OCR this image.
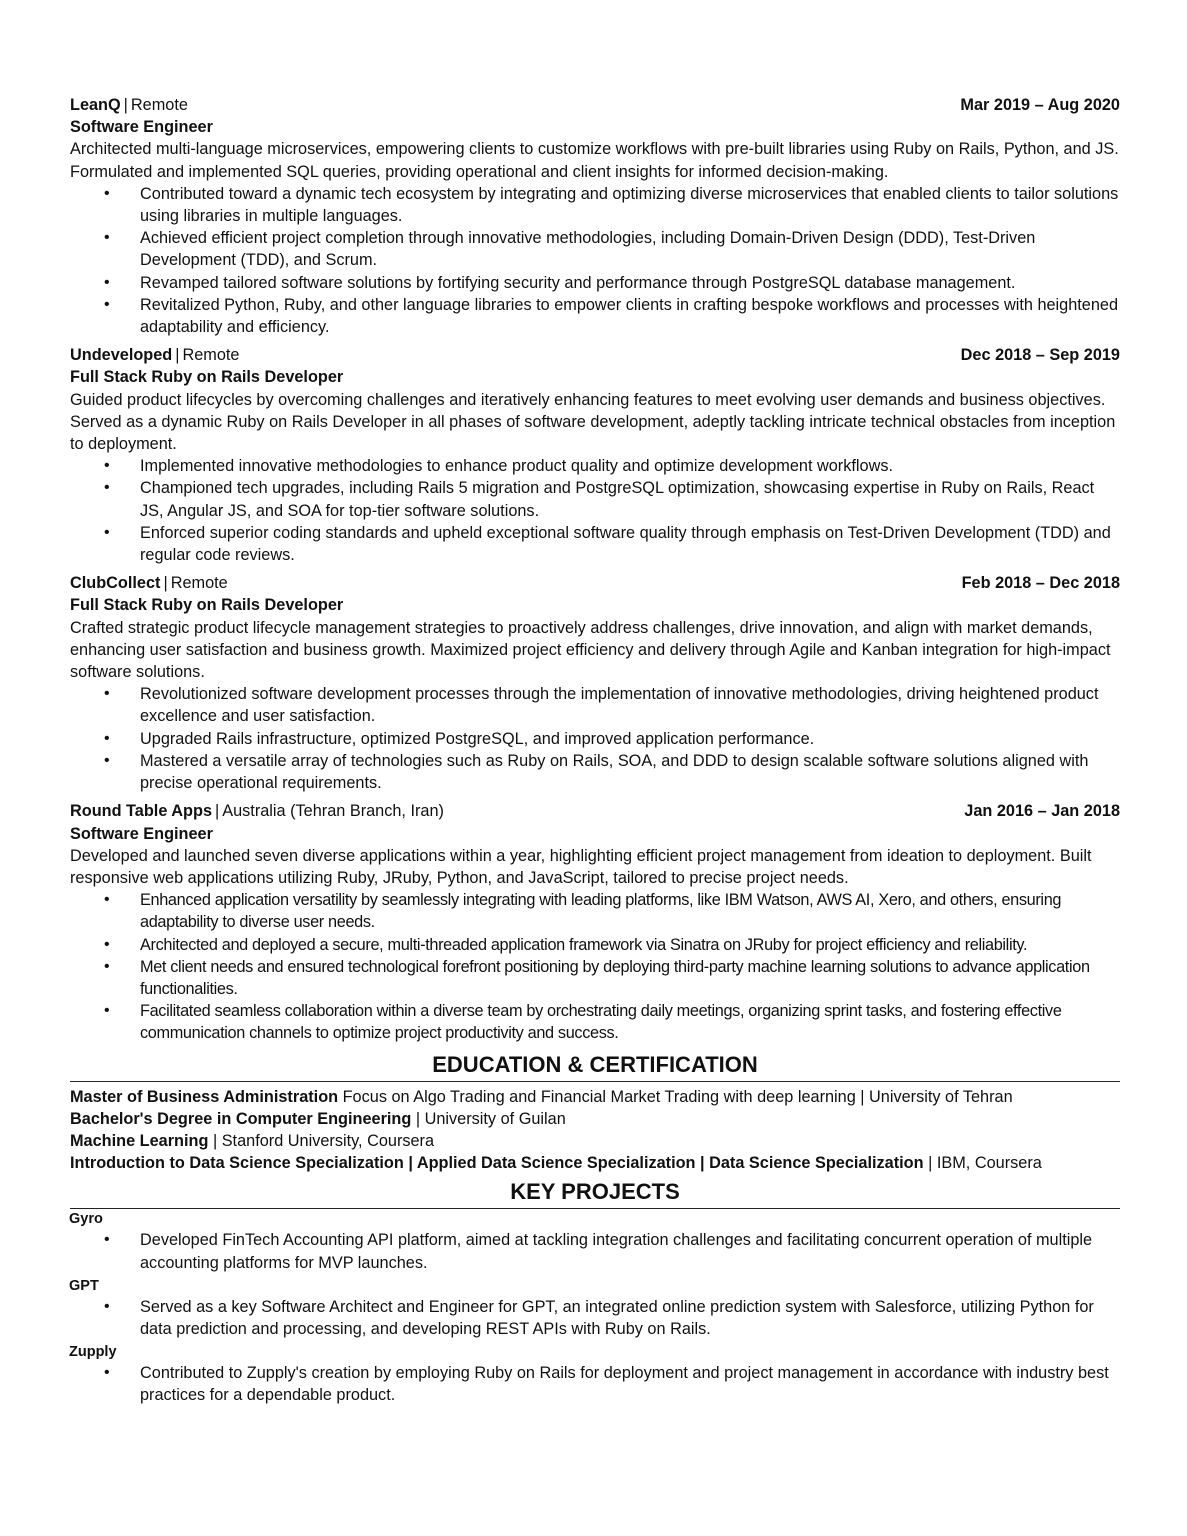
LeanQ | Remote	Mar 2019 – Aug 2020
Software Engineer
Architected multi-language microservices, empowering clients to customize workflows with pre-built libraries using Ruby on Rails, Python, and JS. Formulated and implemented SQL queries, providing operational and client insights for informed decision-making.
• Contributed toward a dynamic tech ecosystem by integrating and optimizing diverse microservices that enabled clients to tailor solutions using libraries in multiple languages.
• Achieved efficient project completion through innovative methodologies, including Domain-Driven Design (DDD), Test-Driven Development (TDD), and Scrum.
• Revamped tailored software solutions by fortifying security and performance through PostgreSQL database management.
• Revitalized Python, Ruby, and other language libraries to empower clients in crafting bespoke workflows and processes with heightened adaptability and efficiency.
Undeveloped | Remote	Dec 2018 – Sep 2019
Full Stack Ruby on Rails Developer
Guided product lifecycles by overcoming challenges and iteratively enhancing features to meet evolving user demands and business objectives. Served as a dynamic Ruby on Rails Developer in all phases of software development, adeptly tackling intricate technical obstacles from inception to deployment.
• Implemented innovative methodologies to enhance product quality and optimize development workflows.
• Championed tech upgrades, including Rails 5 migration and PostgreSQL optimization, showcasing expertise in Ruby on Rails, React JS, Angular JS, and SOA for top-tier software solutions.
• Enforced superior coding standards and upheld exceptional software quality through emphasis on Test-Driven Development (TDD) and regular code reviews.
ClubCollect | Remote	Feb 2018 – Dec 2018
Full Stack Ruby on Rails Developer
Crafted strategic product lifecycle management strategies to proactively address challenges, drive innovation, and align with market demands, enhancing user satisfaction and business growth. Maximized project efficiency and delivery through Agile and Kanban integration for high-impact software solutions.
• Revolutionized software development processes through the implementation of innovative methodologies, driving heightened product excellence and user satisfaction.
• Upgraded Rails infrastructure, optimized PostgreSQL, and improved application performance.
• Mastered a versatile array of technologies such as Ruby on Rails, SOA, and DDD to design scalable software solutions aligned with precise operational requirements.
Round Table Apps | Australia (Tehran Branch, Iran)	Jan 2016 – Jan 2018
Software Engineer
Developed and launched seven diverse applications within a year, highlighting efficient project management from ideation to deployment. Built responsive web applications utilizing Ruby, JRuby, Python, and JavaScript, tailored to precise project needs.
• Enhanced application versatility by seamlessly integrating with leading platforms, like IBM Watson, AWS AI, Xero, and others, ensuring adaptability to diverse user needs.
• Architected and deployed a secure, multi-threaded application framework via Sinatra on JRuby for project efficiency and reliability.
• Met client needs and ensured technological forefront positioning by deploying third-party machine learning solutions to advance application functionalities.
• Facilitated seamless collaboration within a diverse team by orchestrating daily meetings, organizing sprint tasks, and fostering effective communication channels to optimize project productivity and success.
EDUCATION & CERTIFICATION
Master of Business Administration Focus on Algo Trading and Financial Market Trading with deep learning | University of Tehran
Bachelor's Degree in Computer Engineering | University of Guilan
Machine Learning | Stanford University, Coursera
Introduction to Data Science Specialization | Applied Data Science Specialization | Data Science Specialization | IBM, Coursera
KEY PROJECTS
Gyro
• Developed FinTech Accounting API platform, aimed at tackling integration challenges and facilitating concurrent operation of multiple accounting platforms for MVP launches.
GPT
• Served as a key Software Architect and Engineer for GPT, an integrated online prediction system with Salesforce, utilizing Python for data prediction and processing, and developing REST APIs with Ruby on Rails.
Zupply
• Contributed to Zupply's creation by employing Ruby on Rails for deployment and project management in accordance with industry best practices for a dependable product.
